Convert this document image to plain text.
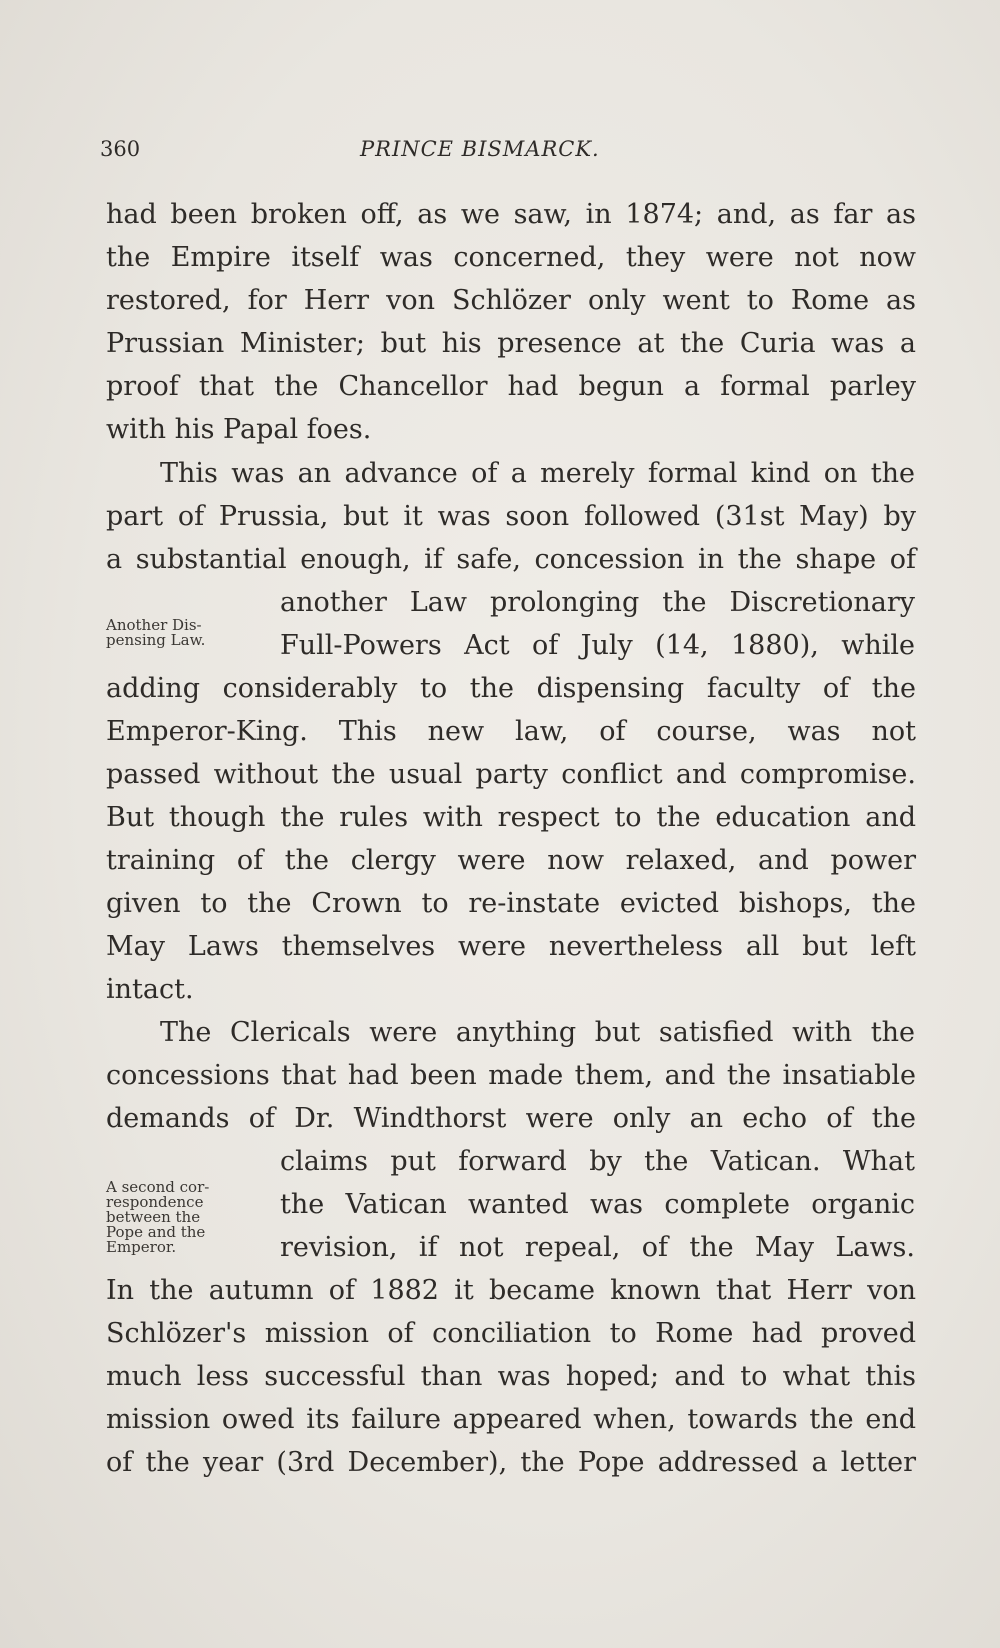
360	PRINCE BISMARCK.
had been broken off, as we saw, in 1874; and, as far as
the Empire itself was concerned, they were not now
restored, for Herr von Schlözer only went to Rome as
Prussian Minister; but his presence at the Curia was a
proof that the Chancellor had begun a formal parley
with his Papal foes.
This was an advance of a merely formal kind on the
part of Prussia, but it was soon followed (31st May) by
a substantial enough, if safe, concession in the shape of
another Law prolonging the Discretionary
Full-Powers Act of July (14, 1880), while
adding considerably to the dispensing faculty of the
Emperor-King. This new law, of course, was not
passed without the usual party conflict and compromise.
But though the rules with respect to the education and
training of the clergy were now relaxed, and power
given to the Crown to re-instate evicted bishops, the
May Laws themselves were nevertheless all but left
intact.
The Clericals were anything but satisfied with the
concessions that had been made them, and the insatiable
demands of Dr. Windthorst were only an echo of the
claims put forward by the Vatican. What
the Vatican wanted was complete organic
revision, if not repeal, of the May Laws.
In the autumn of 1882 it became known that Herr von
Schlözer's mission of conciliation to Rome had proved
much less successful than was hoped; and to what this
mission owed its failure appeared when, towards the end
of the year (3rd December), the Pope addressed a letter
Another Dis-
pensing Law.
A second cor-
respondence
between the
Pope and the
Emperor.
